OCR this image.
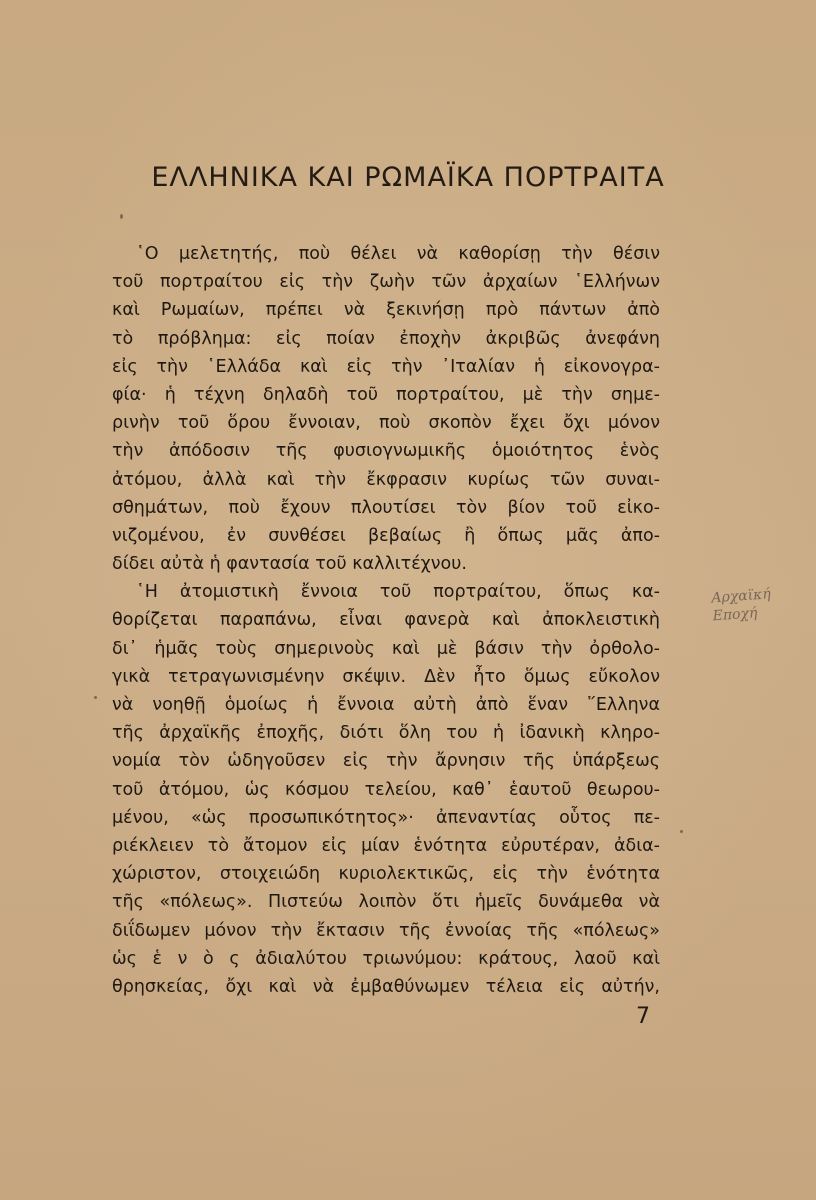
ΕΛΛΗΝΙΚΑ ΚΑΙ ΡΩΜΑΪΚΑ ΠΟΡΤΡΑΙΤΑ
῾Ο μελετητής, ποὺ θέλει νὰ καθορίσῃ τὴν θέσιν
τοῦ πορτραίτου εἰς τὴν ζωὴν τῶν ἀρχαίων ῾Ελλήνων
καὶ Ρωμαίων, πρέπει νὰ ξεκινήσῃ πρὸ πάντων ἀπὸ
τὸ πρόβλημα: εἰς ποίαν ἐποχὴν ἀκριβῶς ἀνεφάνη
εἰς τὴν ῾Ελλάδα καὶ εἰς τὴν ᾿Ιταλίαν ἡ εἰκονογρα-
φία· ἡ τέχνη δηλαδὴ τοῦ πορτραίτου, μὲ τὴν σημε-
ρινὴν τοῦ ὅρου ἔννοιαν, ποὺ σκοπὸν ἔχει ὄχι μόνον
τὴν ἀπόδοσιν τῆς φυσιογνωμικῆς ὁμοιότητος ἑνὸς
ἀτόμου, ἀλλὰ καὶ τὴν ἔκφρασιν κυρίως τῶν συναι-
σθημάτων, ποὺ ἔχουν πλουτίσει τὸν βίον τοῦ εἰκο-
νιζομένου, ἐν συνθέσει βεβαίως ἢ ὅπως μᾶς ἀπο-
δίδει αὐτὰ ἡ φαντασία τοῦ καλλιτέχνου.
῾Η ἀτομιστικὴ ἔννοια τοῦ πορτραίτου, ὅπως κα-
θορίζεται παραπάνω, εἶναι φανερὰ καὶ ἀποκλειστικὴ
δι᾿ ἡμᾶς τοὺς σημερινοὺς καὶ μὲ βάσιν τὴν ὀρθολο-
γικὰ τετραγωνισμένην σκέψιν. Δὲν ἦτο ὅμως εὔκολον
νὰ νοηθῇ ὁμοίως ἡ ἔννοια αὐτὴ ἀπὸ ἕναν ῞Ελληνα
τῆς ἀρχαϊκῆς ἐποχῆς, διότι ὅλη του ἡ ἰδανικὴ κληρο-
νομία τὸν ὡδηγοῦσεν εἰς τὴν ἄρνησιν τῆς ὑπάρξεως
τοῦ ἀτόμου, ὡς κόσμου τελείου, καθ᾿ ἑαυτοῦ θεωρου-
μένου, «ὡς προσωπικότητος»· ἀπεναντίας οὗτος πε-
ριέκλειεν τὸ ἄτομον εἰς μίαν ἑνότητα εὐρυτέραν, ἀδια-
χώριστον, στοιχειώδη κυριολεκτικῶς, εἰς τὴν ἑνότητα
τῆς «πόλεως». Πιστεύω λοιπὸν ὅτι ἡμεῖς δυνάμεθα νὰ
διΐδωμεν μόνον τὴν ἔκτασιν τῆς ἐννοίας τῆς «πόλεως»
ὡς ἑ ν ὸ ς ἀδιαλύτου τριωνύμου: κράτους, λαοῦ καὶ
θρησκείας, ὄχι καὶ νὰ ἐμβαθύνωμεν τέλεια εἰς αὐτήν,
Αρχαϊκή
Εποχή
7
